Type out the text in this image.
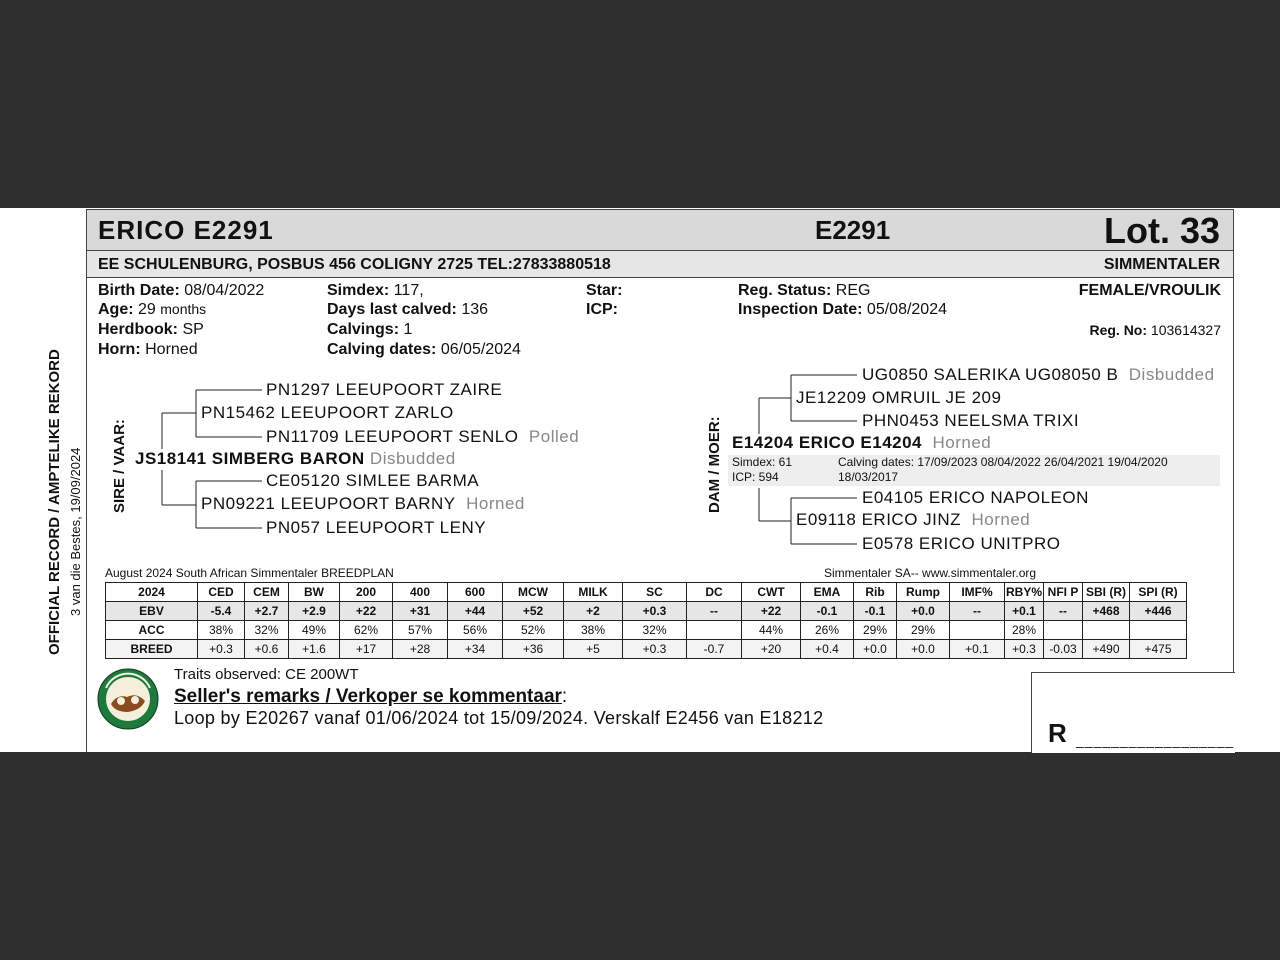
OFFICIAL RECORD / AMPTELIKE REKORD 3 van die Bestes, 19/09/2024
ERICO E2291	E2291	Lot. 33
EE SCHULENBURG, POSBUS 456 COLIGNY 2725 TEL:27833880518	SIMMENTALER
Birth Date: 08/04/2022
Age: 29 months
Herdbook: SP
Horn: Horned
Simdex: 117,
Days last calved: 136
Calvings: 1
Calving dates: 06/05/2024
Star:
ICP:
Reg. Status: REG
Inspection Date: 05/08/2024
FEMALE/VROULIK
Reg. No: 103614327
SIRE / VAAR:	DAM / MOER:
PN1297 LEEUPOORT ZAIRE
PN15462 LEEUPOORT ZARLO
PN11709 LEEUPOORT SENLO Polled
JS18141 SIMBERG BARON Disbudded
CE05120 SIMLEE BARMA
PN09221 LEEUPOORT BARNY Horned
PN057 LEEUPOORT LENY
UG0850 SALERIKA UG08050 B Disbudded
JE12209 OMRUIL JE 209
PHN0453 NEELSMA TRIXI
E14204 ERICO E14204 Horned
Simdex: 61
ICP: 594
Calving dates: 17/09/2023 08/04/2022 26/04/2021 19/04/2020
18/03/2017
E04105 ERICO NAPOLEON
E09118 ERICO JINZ Horned
E0578 ERICO UNITPRO
August 2024 South African Simmentaler BREEDPLAN	Simmentaler SA-- www.simmentaler.org
2024	CED	CEM	BW	200	400	600	MCW	MILK	SC	DC	CWT	EMA	Rib	Rump	IMF%	RBY%	NFI P	SBI (R)	SPI (R)
EBV	-5.4	+2.7	+2.9	+22	+31	+44	+52	+2	+0.3	--	+22	-0.1	-0.1	+0.0	--	+0.1	--	+468	+446
ACC	38%	32%	49%	62%	57%	56%	52%	38%	32%		44%	26%	29%	29%		28%			
BREED	+0.3	+0.6	+1.6	+17	+28	+34	+36	+5	+0.3	-0.7	+20	+0.4	+0.0	+0.0	+0.1	+0.3	-0.03	+490	+475
Traits observed: CE 200WT
Seller's remarks / Verkoper se kommentaar:
Loop by E20267 vanaf 01/06/2024 tot 15/09/2024. Verskalf E2456 van E18212	R __________________
